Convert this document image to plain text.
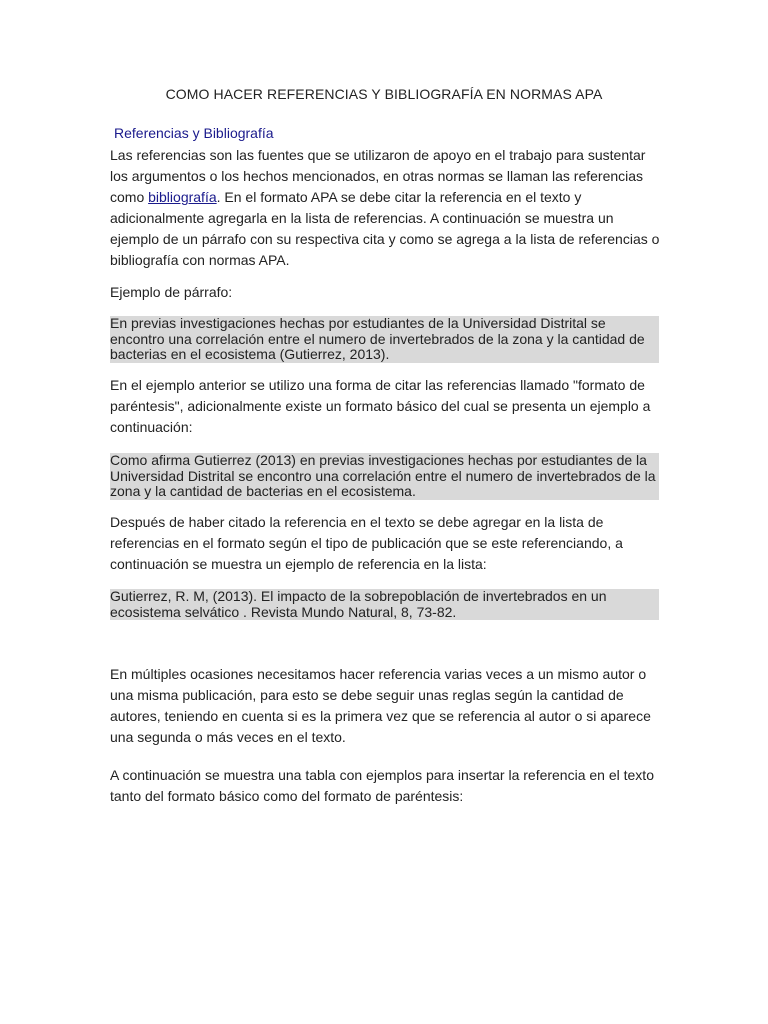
COMO HACER REFERENCIAS Y BIBLIOGRAFÍA EN NORMAS APA
Referencias y Bibliografía

Las referencias son las fuentes que se utilizaron de apoyo en el trabajo para sustentar los argumentos o los hechos mencionados, en otras normas se llaman las referencias como bibliografía. En el formato APA se debe citar la referencia en el texto y adicionalmente agregarla en la lista de referencias. A continuación se muestra un ejemplo de un párrafo con su respectiva cita y como se agrega a la lista de referencias o bibliografía con normas APA.

Ejemplo de párrafo:

En previas investigaciones hechas por estudiantes de la Universidad Distrital se encontro una correlación entre el numero de invertebrados de la zona y la cantidad de bacterias en el ecosistema (Gutierrez, 2013).

En el ejemplo anterior se utilizo una forma de citar las referencias llamado "formato de paréntesis", adicionalmente existe un formato básico del cual se presenta un ejemplo a continuación:

Como afirma Gutierrez (2013) en previas investigaciones hechas por estudiantes de la Universidad Distrital se encontro una correlación entre el numero de invertebrados de la zona y la cantidad de bacterias en el ecosistema.

Después de haber citado la referencia en el texto se debe agregar en la lista de referencias en el formato según el tipo de publicación que se este referenciando, a continuación se muestra un ejemplo de referencia en la lista:

Gutierrez, R. M, (2013). El impacto de la sobrepoblación de invertebrados en un ecosistema selvático . Revista Mundo Natural, 8, 73-82.

En múltiples ocasiones necesitamos hacer referencia varias veces a un mismo autor o una misma publicación, para esto se debe seguir unas reglas según la cantidad de autores, teniendo en cuenta si es la primera vez que se referencia al autor o si aparece una segunda o más veces en el texto.

A continuación se muestra una tabla con ejemplos para insertar la referencia en el texto tanto del formato básico como del formato de paréntesis:
